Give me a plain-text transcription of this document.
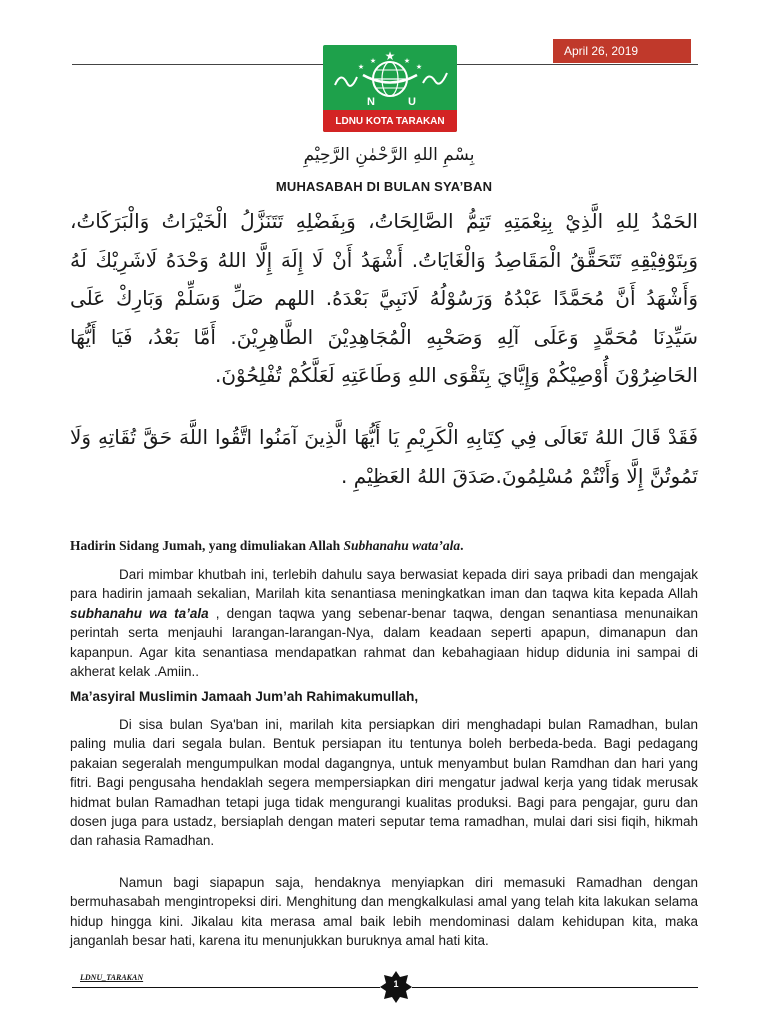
April 26, 2019
★
★	★
★	★
N	U
LDNU KOTA TARAKAN
بِسْمِ اللهِ الرَّحْمٰنِ الرَّحِيْمِ
MUHASABAH DI BULAN SYA’BAN

الحَمْدُ لِلهِ الَّذِيْ بِنِعْمَتِهِ تَتِمُّ الصَّالِحَاتُ، وَبِفَضْلِهِ تَتَنَزَّلُ الْخَيْرَاتُ وَالْبَرَكَاتُ، وَبِتَوْفِيْقِهِ تَتَحَقَّقُ الْمَقَاصِدُ وَالْغَايَاتُ. أَشْهَدُ أَنْ لَا إِلَهَ إِلَّا اللهُ وَحْدَهُ لَاشَرِيْكَ لَهُ وَأَشْهَدُ أَنَّ مُحَمَّدًا عَبْدُهُ وَرَسُوْلُهُ لَانَبِيَّ بَعْدَهُ. اللهم صَلِّ وَسَلِّمْ وَبَارِكْ عَلَى سَيِّدِنَا مُحَمَّدٍ وَعَلَى آلِهِ وَصَحْبِهِ الْمُجَاهِدِيْنَ الطَّاهِرِيْنَ. أَمَّا بَعْدُ، فَيَا أَيُّهَا الحَاضِرُوْنَ أُوْصِيْكُمْ وَإِيَّايَ بِتَقْوَى اللهِ وَطَاعَتِهِ لَعَلَّكُمْ تُفْلِحُوْنَ.

فَقَدْ قَالَ اللهُ تَعَالَى فِي كِتَابِهِ الْكَرِيْمِ يَا أَيُّهَا الَّذِينَ آمَنُوا اتَّقُوا اللَّهَ حَقَّ تُقَاتِهِ وَلَا تَمُوتُنَّ إِلَّا وَأَنْتُمْ مُسْلِمُونَ.صَدَقَ اللهُ العَظِيْمِ .

Hadirin Sidang Jumah, yang dimuliakan Allah Subhanahu wata’ala.

Dari mimbar khutbah ini, terlebih dahulu saya berwasiat kepada diri saya pribadi dan mengajak para hadirin jamaah sekalian, Marilah kita senantiasa meningkatkan iman dan taqwa kita kepada Allah subhanahu wa ta’ala , dengan taqwa yang sebenar-benar taqwa, dengan senantiasa menunaikan perintah serta menjauhi larangan-larangan-Nya, dalam keadaan seperti apapun, dimanapun dan kapanpun. Agar kita senantiasa mendapatkan rahmat dan kebahagiaan hidup didunia ini sampai di akherat kelak .Amiin..

Ma’asyiral Muslimin Jamaah Jum’ah Rahimakumullah,

Di sisa bulan Sya'ban ini, marilah kita persiapkan diri menghadapi bulan Ramadhan, bulan paling mulia dari segala bulan. Bentuk persiapan itu tentunya boleh berbeda-beda. Bagi pedagang pakaian segeralah mengumpulkan modal dagangnya, untuk menyambut bulan Ramdhan dan hari yang fitri. Bagi pengusaha hendaklah segera mempersiapkan diri mengatur jadwal kerja yang tidak merusak hidmat bulan Ramadhan tetapi juga tidak mengurangi kualitas produksi. Bagi para pengajar, guru dan dosen juga para ustadz, bersiaplah dengan materi seputar tema ramadhan, mulai dari sisi fiqih, hikmah dan rahasia Ramadhan.

Namun bagi siapapun saja, hendaknya menyiapkan diri memasuki Ramadhan dengan bermuhasabah mengintropeksi diri. Menghitung dan mengkalkulasi amal yang telah kita lakukan selama hidup hingga kini. Jikalau kita merasa amal baik lebih mendominasi dalam kehidupan kita, maka janganlah besar hati, karena itu menunjukkan buruknya amal hati kita.

LDNU_TARAKAN
1
